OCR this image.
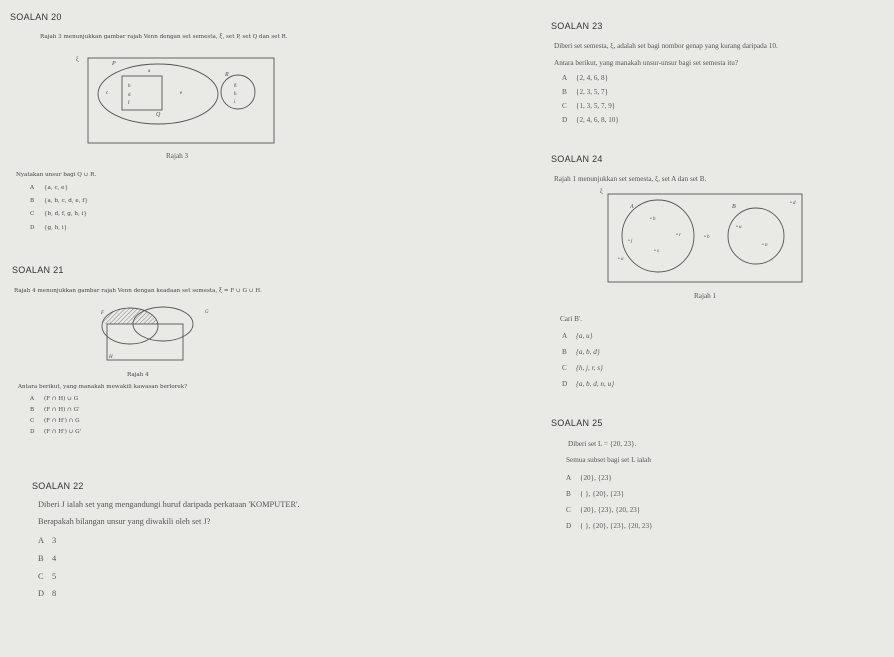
SOALAN 20
Rajah 3 menunjukkan gambar rajah Venn dengan set semesta, ξ, set P, set Q dan set R.
ξ
P
Q
R
a
b
c	d	e
f
g
h
i
Rajah 3
Nyatakan unsur bagi Q ∪ R.
A {a, c, e}
B {a, b, c, d, e, f}
C {b, d, f, g, h, i}
D {g, h, i}
SOALAN 21
Rajah 4 menunjukkan gambar rajah Venn dengan keadaan set semesta, ξ = F ∪ G ∪ H.
F	G
H
Rajah 4
Antara berikut, yang manakah mewakili kawasan berlorek?
A (F ∩ H) ∪ G
B (F ∩ H) ∩ G'
C (F ∩ H') ∩ G
D (F ∩ H') ∪ G'
SOALAN 22
Diberi J ialah set yang mengandungi huruf daripada perkataan 'KOMPUTER'.
Berapakah bilangan unsur yang diwakili oleh set J?
A 3
B 4
C 5
D 8
SOALAN 23
Diberi set semesta, ξ, adalah set bagi nombor genap yang kurang daripada 10.
Antara berikut, yang manakah unsur-unsur bagi set semesta itu?
A {2, 4, 6, 8}
B {2, 3, 5, 7}
C {1, 3, 5, 7, 9}
D {2, 4, 6, 8, 10}
SOALAN 24
Rajah 1 menunjukkan set semesta, ξ, set A dan set B.
ξ
A	B
• d
• h
• u
• j
• r	• b
• s
• n
• a
Rajah 1
Cari B'.
A {a, u}
B {a, b, d}
C {h, j, r, s}
D {a, b, d, n, u}
SOALAN 25
Diberi set L = {20, 23}.
Semua subset bagi set L ialah
A {20}, {23}
B { }, {20}, {23}
C {20}, {23}, {20, 23}
D { }, {20}, {23}, {20, 23}
